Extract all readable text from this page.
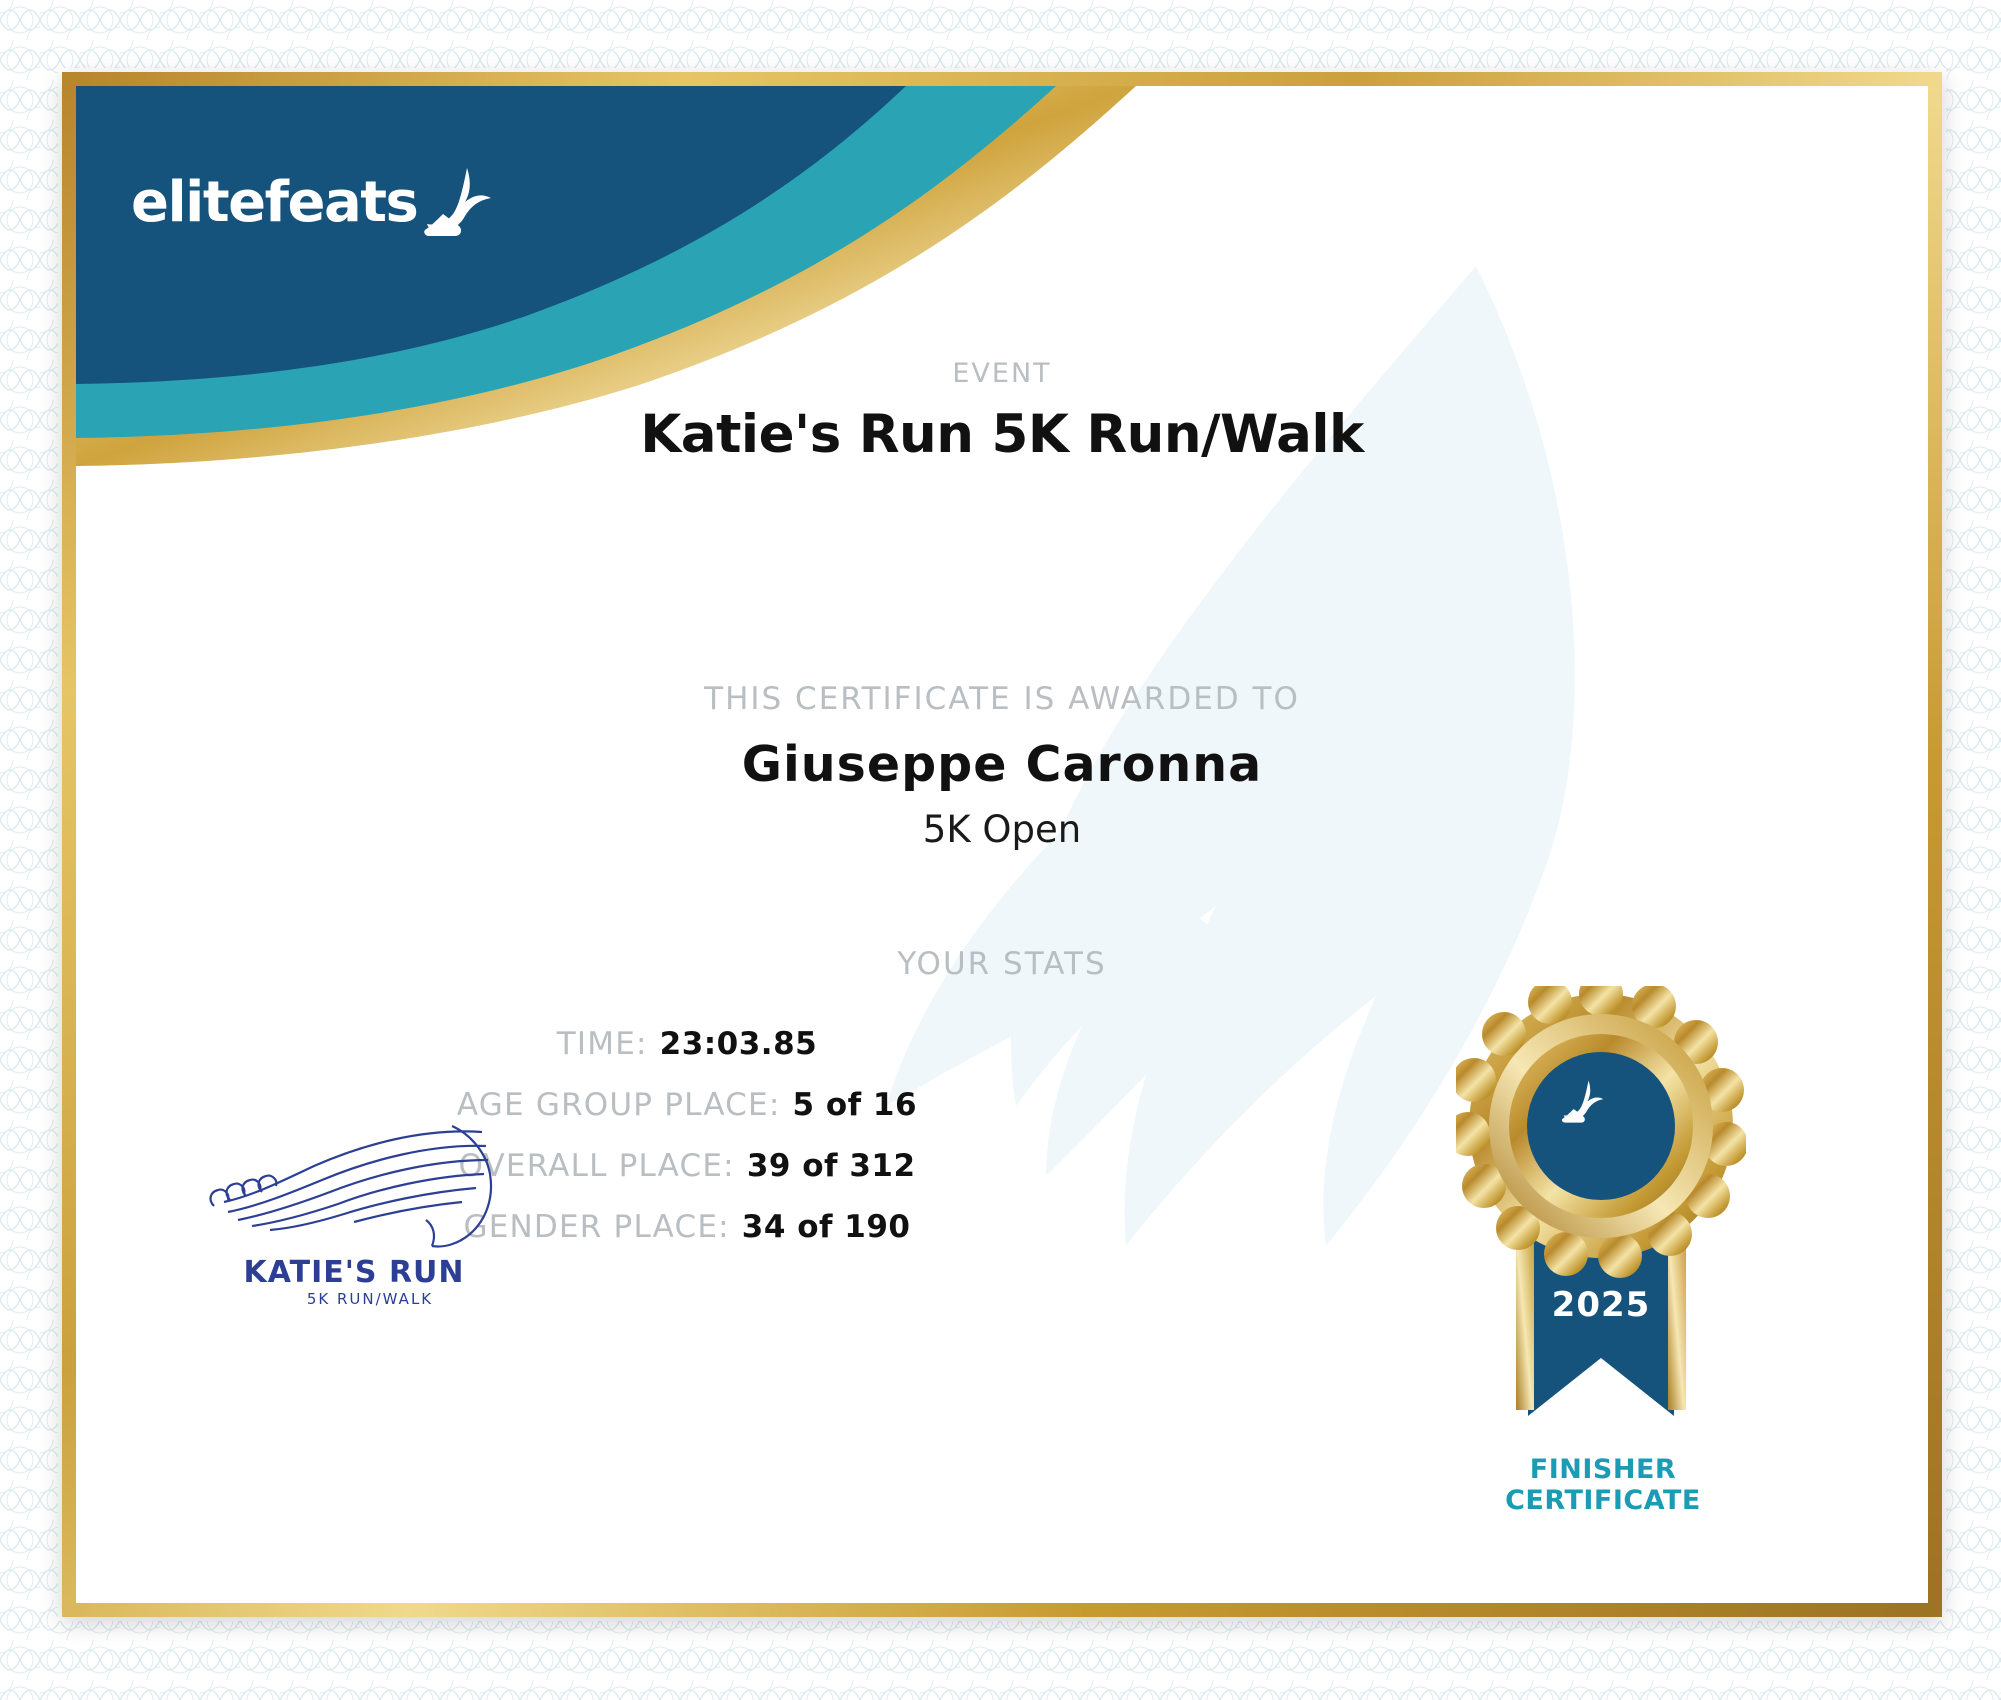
elitefeats
EVENT
Katie's Run 5K Run/Walk
THIS CERTIFICATE IS AWARDED TO
Giuseppe Caronna
5K Open
YOUR STATS
TIME: 23:03.85
AGE GROUP PLACE: 5 of 16
OVERALL PLACE: 39 of 312
GENDER PLACE: 34 of 190
KATIE'S RUN
5K RUN/WALK	2025
FINISHER
CERTIFICATE
